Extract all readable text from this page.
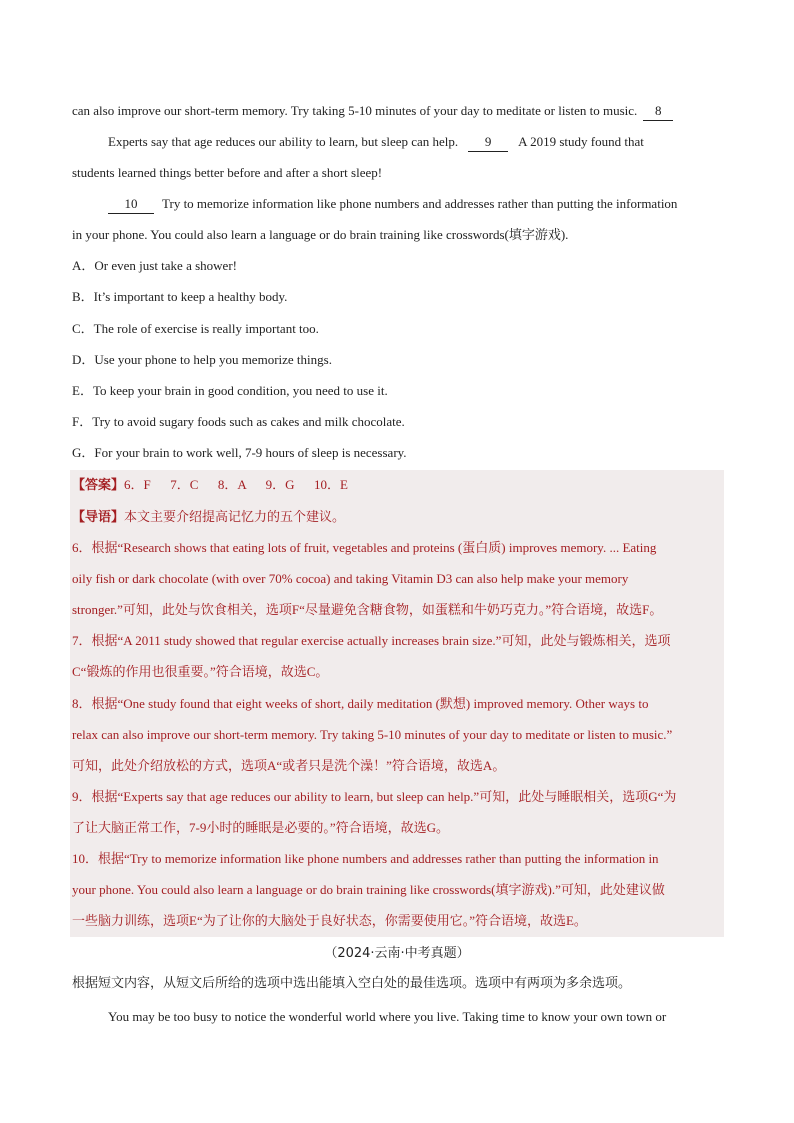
can also improve our short-term memory. Try taking 5-10 minutes of your day to meditate or listen to music. 8
Experts say that age reduces our ability to learn, but sleep can help. 9 A 2019 study found that
students learned things better before and after a short sleep!
10 Try to memorize information like phone numbers and addresses rather than putting the information
in your phone. You could also learn a language or do brain training like crosswords(填字游戏).
A．Or even just take a shower!
B．It’s important to keep a healthy body.
C．The role of exercise is really important too.
D．Use your phone to help you memorize things.
E．To keep your brain in good condition, you need to use it.
F．Try to avoid sugary foods such as cakes and milk chocolate.
G．For your brain to work well, 7-9 hours of sleep is necessary.
【答案】6．F      7．C      8．A      9．G      10．E
【导语】本文主要介绍提高记忆力的五个建议。
6．根据“Research shows that eating lots of fruit, vegetables and proteins (蛋白质) improves memory. ... Eating
oily fish or dark chocolate (with over 70% cocoa) and taking Vitamin D3 can also help make your memory
stronger.”可知，此处与饮食相关，选项F“尽量避免含糖食物，如蛋糕和牛奶巧克力。”符合语境，故选F。
7．根据“A 2011 study showed that regular exercise actually increases brain size.”可知，此处与锻炼相关，选项
C“锻炼的作用也很重要。”符合语境，故选C。
8．根据“One study found that eight weeks of short, daily meditation (默想) improved memory. Other ways to
relax can also improve our short-term memory. Try taking 5-10 minutes of your day to meditate or listen to music.”
可知，此处介绍放松的方式，选项A“或者只是洗个澡！”符合语境，故选A。
9．根据“Experts say that age reduces our ability to learn, but sleep can help.”可知，此处与睡眠相关，选项G“为
了让大脑正常工作，7-9小时的睡眠是必要的。”符合语境，故选G。
10．根据“Try to memorize information like phone numbers and addresses rather than putting the information in
your phone. You could also learn a language or do brain training like crosswords(填字游戏).”可知，此处建议做
一些脑力训练，选项E“为了让你的大脑处于良好状态，你需要使用它。”符合语境，故选E。
（2024·云南·中考真题）
根据短文内容，从短文后所给的选项中选出能填入空白处的最佳选项。选项中有两项为多余选项。
You may be too busy to notice the wonderful world where you live. Taking time to know your own town or
